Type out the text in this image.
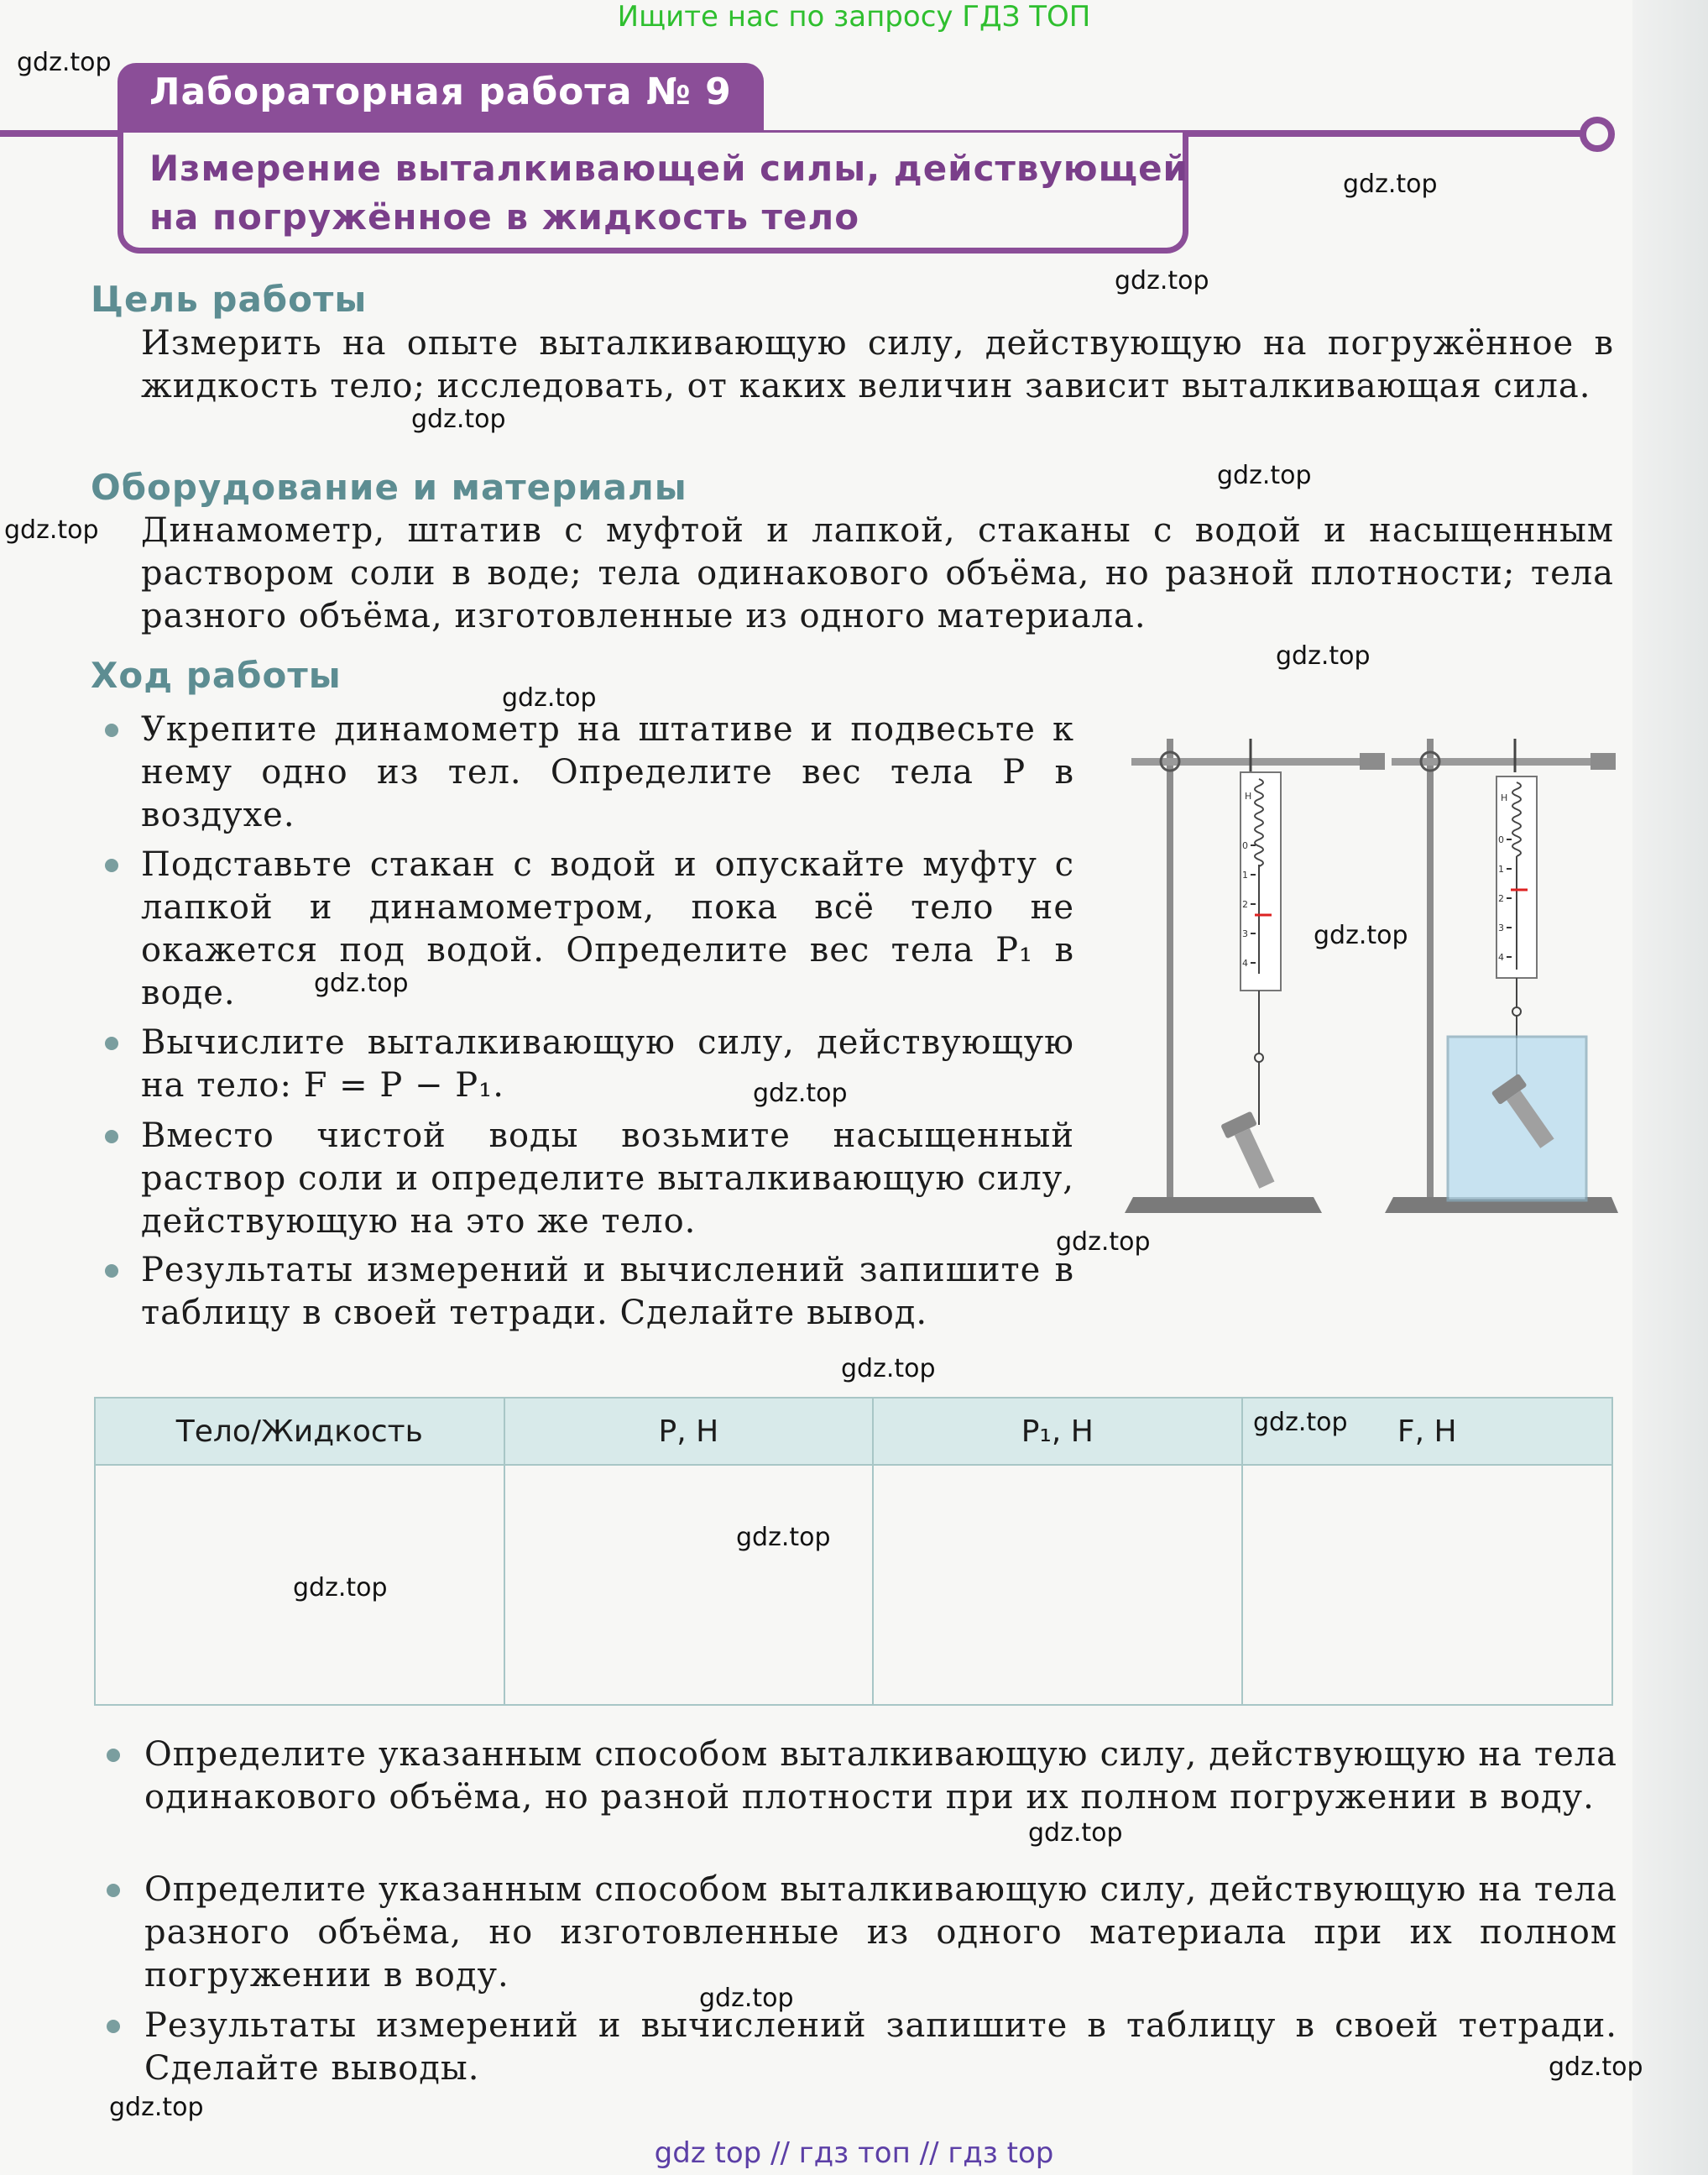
Ищите нас по запросу ГДЗ ТОП
Лабораторная работа № 9
Измерение выталкивающей силы, действующей
на погружённое в жидкость тело
Цель работы
Измерить на опыте выталкивающую силу, действующую на погружённое в жидкость тело; исследовать, от каких величин зависит выталкивающая сила.
Оборудование и материалы
Динамометр, штатив с муфтой и лапкой, стаканы с водой и насыщенным раствором соли в воде; тела одинакового объёма, но разной плотности; тела разного объёма, изготовленные из одного материала.
Ход работы
Укрепите динамометр на штативе и подвесьте к нему одно из тел. Определите вес тела P в воздухе.
Подставьте стакан с водой и опускайте муфту с лапкой и динамометром, пока всё тело не окажется под водой. Определите вес тела P₁ в воде.
Вычислите выталкивающую силу, действующую на тело: F = P − P₁.
Вместо чистой воды возьмите насыщенный раствор соли и определите выталкивающую силу, действующую на это же тело.
Результаты измерений и вычислений запишите в таблицу в своей тетради. Сделайте вывод.
Н
0
1
2
3
4
Н
0
1
2
3
4
Тело/Жидкость	P, Н	P₁, Н	F, Н

Определите указанным способом выталкивающую силу, действующую на тела одинакового объёма, но разной плотности при их полном погружении в воду.
Определите указанным способом выталкивающую силу, действующую на тела разного объёма, но изготовленные из одного материала при их полном погружении в воду.
Результаты измерений и вычислений запишите в таблицу в своей тетради. Сделайте выводы.
gdz.top
gdz.top
gdz.top
gdz.top
gdz.top
gdz.top
gdz.top
gdz.top
gdz.top
gdz.top
gdz.top
gdz.top
gdz.top
gdz.top
gdz.top
gdz.top
gdz.top
gdz.top
gdz.top
gdz.top
gdz top // гдз топ // гдз top
